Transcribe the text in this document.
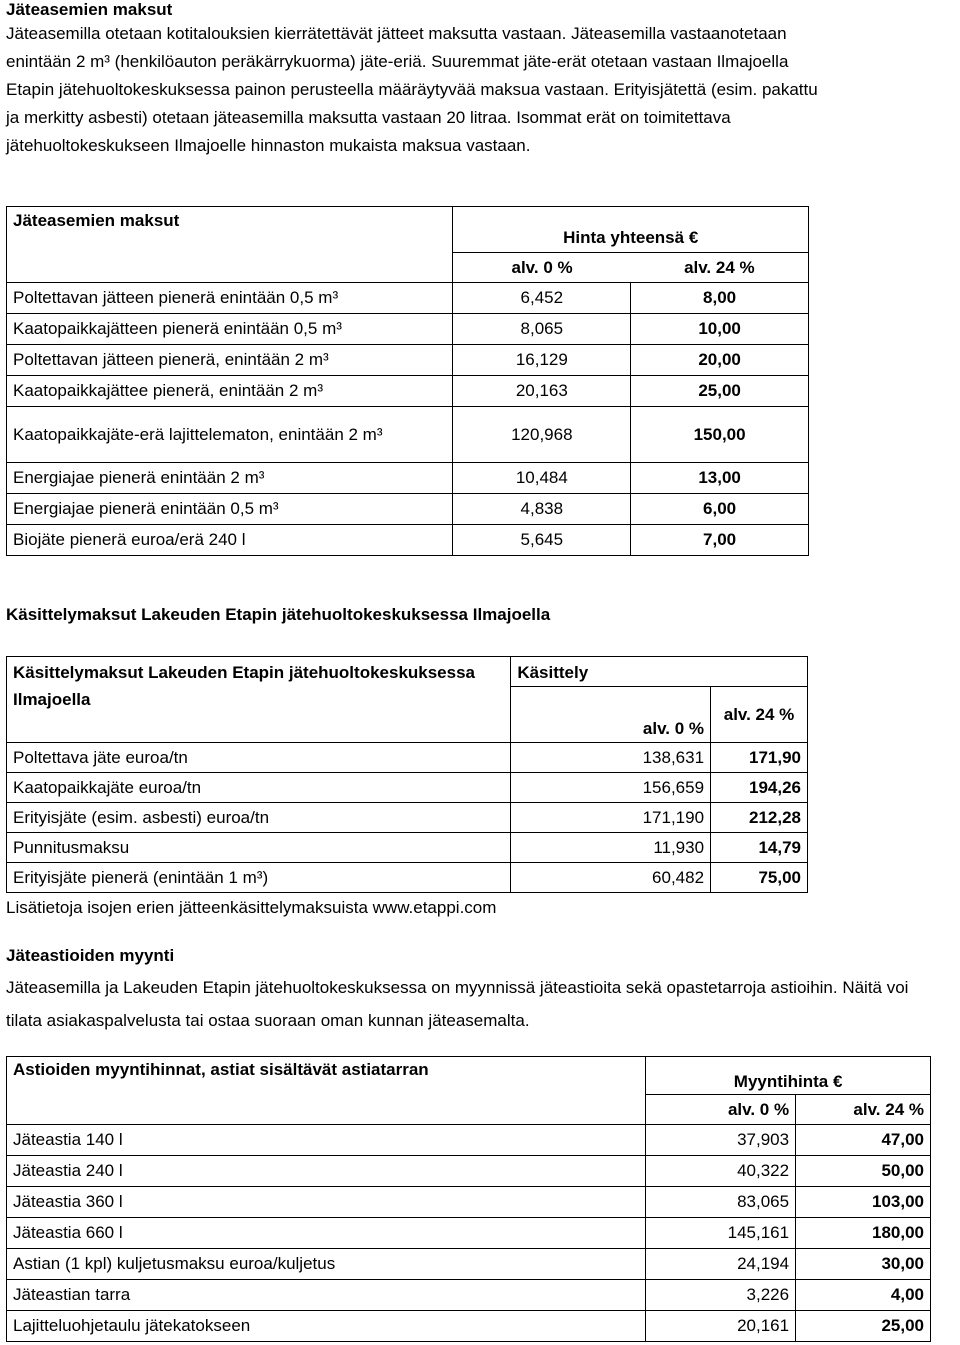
Jäteasemien maksut
Jäteasemilla otetaan kotitalouksien kierrätettävät jätteet maksutta vastaan. Jäteasemilla vastaanotetaan
enintään 2 m³ (henkilöauton peräkärrykuorma) jäte-eriä. Suuremmat jäte-erät otetaan vastaan Ilmajoella
Etapin jätehuoltokeskuksessa painon perusteella määräytyvää maksua vastaan. Erityisjätettä (esim. pakattu
ja merkitty asbesti) otetaan jäteasemilla maksutta vastaan 20 litraa. Isommat erät on toimitettava
jätehuoltokeskukseen Ilmajoelle hinnaston mukaista maksua vastaan.
Jäteasemien maksut	Hinta yhteensä €	
	alv. 0 %	alv. 24 %
Poltettavan jätteen pienerä enintään 0,5 m³	6,452	8,00
Kaatopaikkajätteen pienerä enintään 0,5 m³	8,065	10,00
Poltettavan jätteen pienerä, enintään 2 m³	16,129	20,00
Kaatopaikkajättee pienerä, enintään 2 m³	20,163	25,00
Kaatopaikkajäte-erä lajittelematon, enintään 2 m³	120,968	150,00
Energiajae pienerä enintään 2 m³	10,484	13,00
Energiajae pienerä enintään 0,5 m³	4,838	6,00
Biojäte pienerä euroa/erä 240 l	5,645	7,00
Käsittelymaksut Lakeuden Etapin jätehuoltokeskuksessa Ilmajoella
Käsittelymaksut Lakeuden Etapin jätehuoltokeskuksessa Ilmajoella	Käsittely	
	alv. 0 %	alv. 24 %
Poltettava jäte euroa/tn	138,631	171,90
Kaatopaikkajäte euroa/tn	156,659	194,26
Erityisjäte (esim. asbesti) euroa/tn	171,190	212,28
Punnitusmaksu	11,930	14,79
Erityisjäte pienerä (enintään 1 m³)	60,482	75,00
Lisätietoja isojen erien jätteenkäsittelymaksuista www.etappi.com
Jäteastioiden myynti
Jäteasemilla ja Lakeuden Etapin jätehuoltokeskuksessa on myynnissä jäteastioita sekä opastetarroja astioihin. Näitä voi tilata asiakaspalvelusta tai ostaa suoraan oman kunnan jäteasemalta.
Astioiden myyntihinnat, astiat sisältävät astiatarran	Myyntihinta €	
	alv. 0 %	alv. 24 %
Jäteastia 140 l	37,903	47,00
Jäteastia 240 l	40,322	50,00
Jäteastia 360 l	83,065	103,00
Jäteastia 660 l	145,161	180,00
Astian (1 kpl) kuljetusmaksu euroa/kuljetus	24,194	30,00
Jäteastian tarra	3,226	4,00
Lajitteluohjetaulu jätekatokseen	20,161	25,00
